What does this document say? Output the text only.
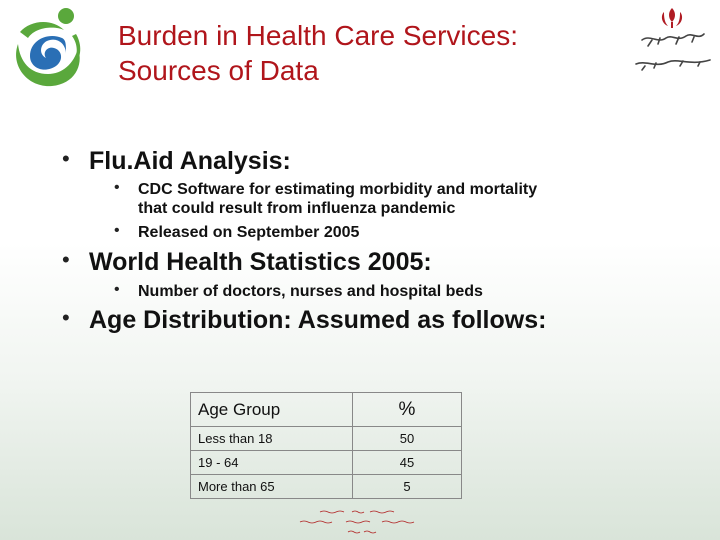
Burden in Health Care Services:
Sources of Data
• Flu.Aid Analysis:
• CDC Software for estimating morbidity and mortality
that could result from influenza pandemic
• Released on September 2005
• World Health Statistics 2005:
• Number of doctors, nurses and hospital beds
• Age Distribution: Assumed as follows:
Age Group	%
Less than 18	50
19 - 64	45
More than 65	5
